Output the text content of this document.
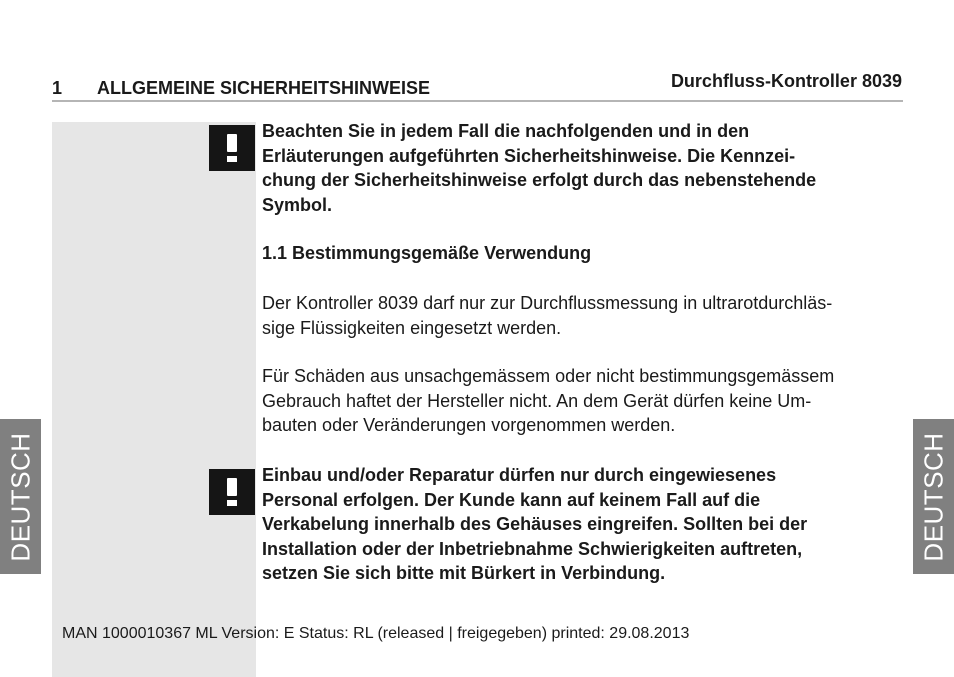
1 ALLGEMEINE SICHERHEITSHINWEISE	Durchfluss-Kontroller 8039

Beachten Sie in jedem Fall die nachfolgenden und in den

Erläuterungen aufgeführten Sicherheitshinweise. Die Kennzei-

chung der Sicherheitshinweise erfolgt durch das nebenstehende

Symbol.

1.1 Bestimmungsgemäße Verwendung

Der Kontroller 8039 darf nur zur Durchflussmessung in ultrarotdurchläs-

sige Flüssigkeiten eingesetzt werden.

Für Schäden aus unsachgemässem oder nicht bestimmungsgemässem

Gebrauch haftet der Hersteller nicht. An dem Gerät dürfen keine Um-

bauten oder Veränderungen vorgenommen werden.

Einbau und/oder Reparatur dürfen nur durch eingewiesenes

Personal erfolgen. Der Kunde kann auf keinem Fall auf die

Verkabelung innerhalb des Gehäuses eingreifen. Sollten bei der

Installation oder der Inbetriebnahme Schwierigkeiten auftreten,

setzen Sie sich bitte mit Bürkert in Verbindung.

DEUTSCH	DEUTSCH
MAN 1000010367 ML Version: E Status: RL (released | freigegeben) printed: 29.08.2013
